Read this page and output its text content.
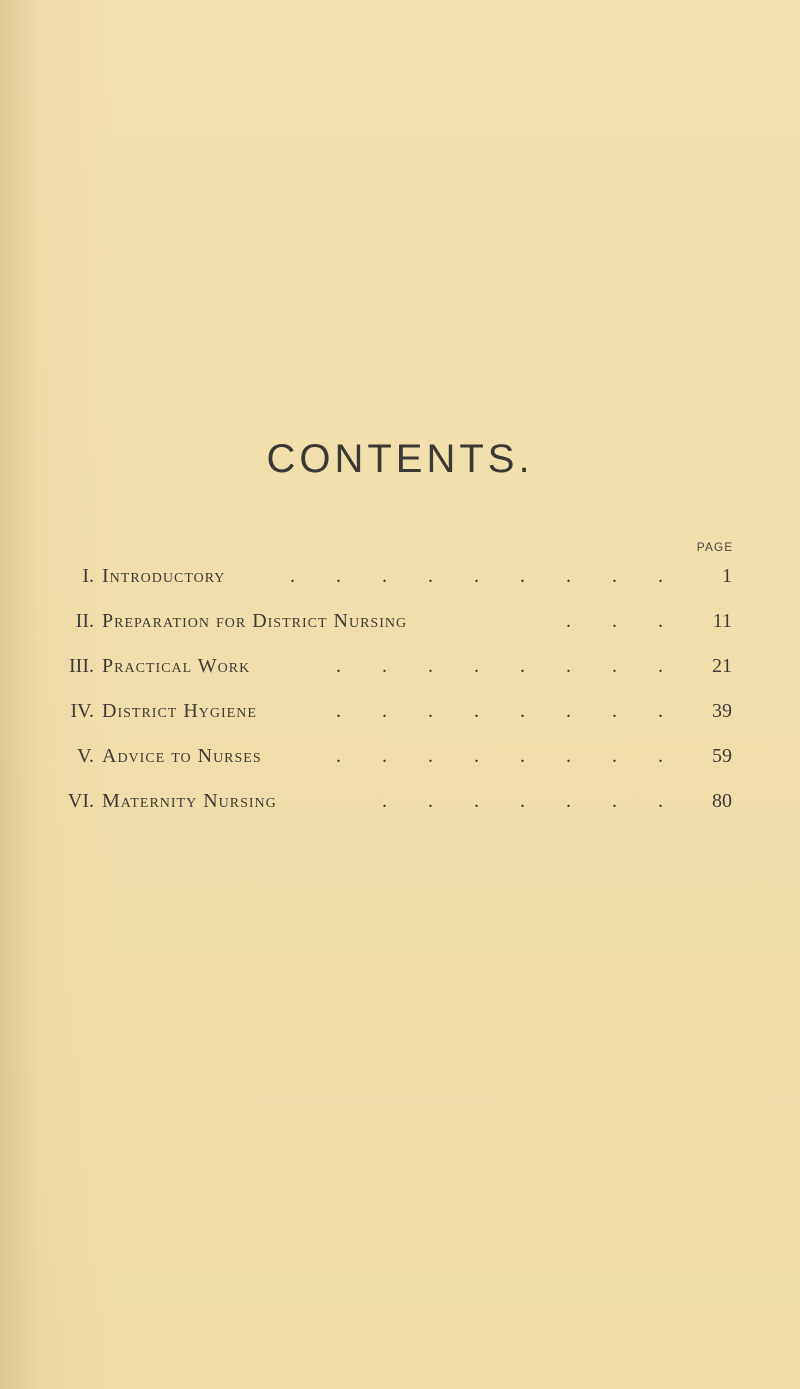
CONTENTS.
PAGE
I. Introductory	. . . . . . . . .	1
II. Preparation for District Nursing	. . . 11
III. Practical Work	. . . . . . . . 21
IV. District Hygiene	. . . . . . . . 39
V. Advice to Nurses	. . . . . . . . 59
VI. Maternity Nursing	. . . . . . . 80
